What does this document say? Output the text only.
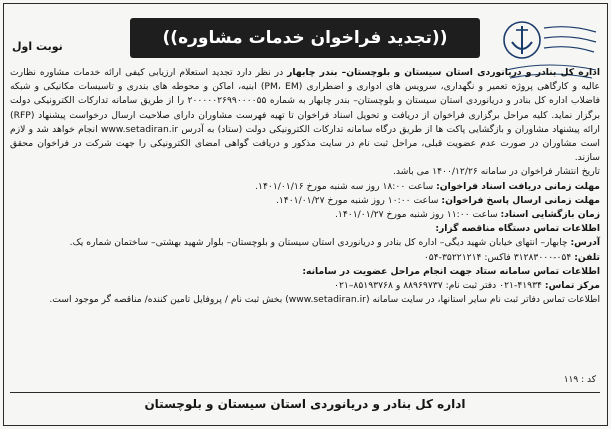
نوبت اول	((تجدید فراخوان خدمات مشاوره))

اداره کل بنادر و دریانوردی استان سیستان و بلوچستان– بندر چابهار در نظر دارد تجدید استعلام ارزیابی کیفی ارائه خدمات مشاوره نظارت عالیه و کارگاهی پروژه تعمیر و نگهداری، سرویس های ادواری و اضطراری (PM، EM) ابنیه، اماکن و محوطه های بندری و تاسیسات مکانیکی و شبکه فاضلاب اداره کل بنادر و دریانوردی استان سیستان و بلوچستان– بندر چابهار به شماره ۲۰۰۰۰۰۲۶۹۹۰۰۰۰۵۵ را از طریق سامانه تدارکات الکترونیکی دولت برگزار نماید. کلیه مراحل برگزاری فراخوان از دریافت و تحویل اسناد فراخوان تا تهیه فهرست مشاوران دارای صلاحیت ارسال درخواست پیشنهاد (RFP) ارائه پیشنهاد مشاوران و بازگشایی پاکت ها از طریق درگاه سامانه تدارکات الکترونیکی دولت (ستاد) به آدرس www.setadiran.ir انجام خواهد شد و لازم است مشاوران در صورت عدم عضویت قبلی، مراحل ثبت نام در سایت مذکور و دریافت گواهی امضای الکترونیکی را جهت شرکت در فراخوان محقق سازند.

تاریخ انتشار فراخوان در سامانه ۱۴۰۰/۱۲/۲۶ می باشد.

مهلت زمانی دریافت اسناد فراخوان: ساعت ۱۸:۰۰ روز سه شنبه مورخ ۱۴۰۱/۰۱/۱۶.

مهلت زمانی ارسال پاسخ فراخوان: ساعت ۱۰:۰۰ روز شنبه مورخ ۱۴۰۱/۰۱/۲۷.

زمان بازگشایی اسناد: ساعت ۱۱:۰۰ روز شنبه مورخ ۱۴۰۱/۰۱/۲۷.

اطلاعات تماس دستگاه مناقصه گزار:

آدرس: چابهار– انتهای خیابان شهید دیگی– اداره کل بنادر و دریانوردی استان سیستان و بلوچستان– بلوار شهید بهشتی– ساختمان شماره یک.

تلفن: ۰۵۴-۳۱۲۸۳۰۰۰ فاکس: ۳۵۲۲۱۲۱۴-۰۵۴

اطلاعات تماس سامانه ستاد جهت انجام مراحل عضویت در سامانه:

مرکز تماس: ۴۱۹۳۴-۰۲۱ دفتر ثبت نام: ۸۸۹۶۹۷۳۷ و ۸۵۱۹۳۷۶۸–۰۲۱

اطلاعات تماس دفاتر ثبت نام سایر استانها، در سایت سامانه (www.setadiran.ir) بخش ثبت نام / پروفایل تامین کننده/ مناقصه گر موجود است.

کد : ۱۱۹
اداره کل بنادر و دریانوردی استان سیستان و بلوچستان
